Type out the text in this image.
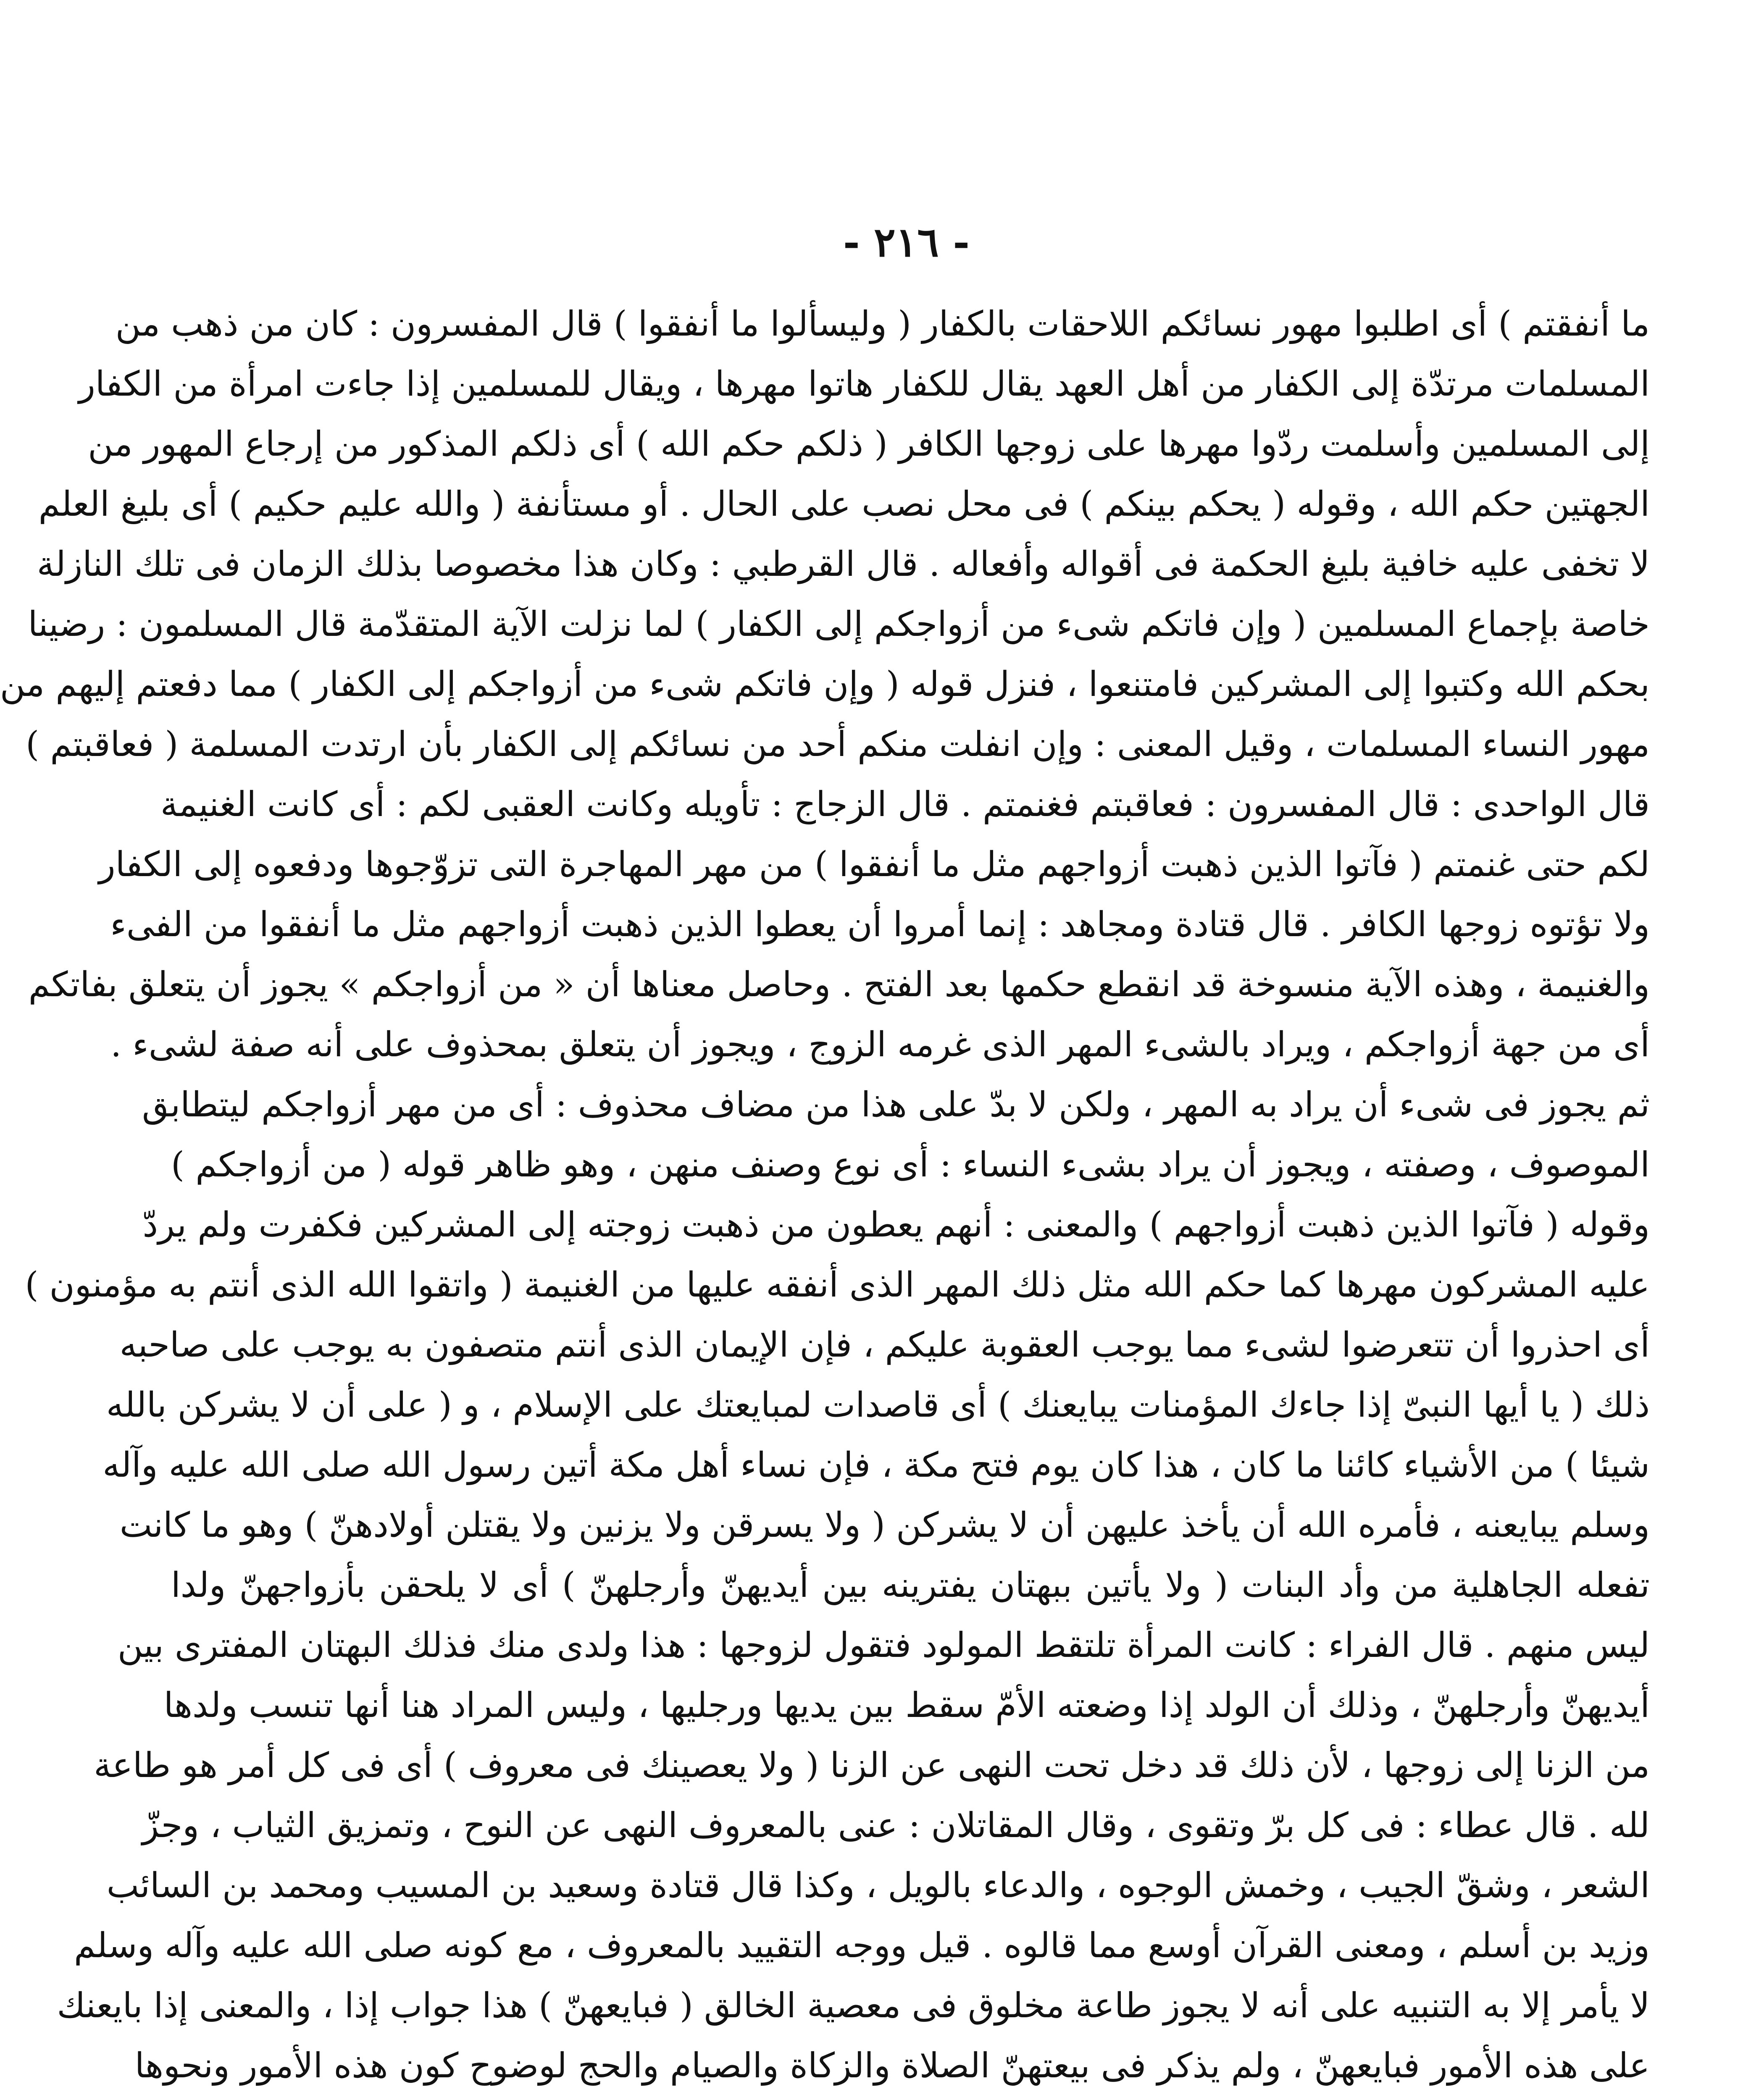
- ٢١٦ -
ما أنفقتم ) أى اطلبوا مهور نسائكم اللاحقات بالكفار ( وليسألوا ما أنفقوا ) قال المفسرون : كان من ذهب من
المسلمات مرتدّة إلى الكفار من أهل العهد يقال للكفار هاتوا مهرها ، ويقال للمسلمين إذا جاءت امرأة من الكفار
إلى المسلمين وأسلمت ردّوا مهرها على زوجها الكافر ( ذلكم حكم الله ) أى ذلكم المذكور من إرجاع المهور من
الجهتين حكم الله ، وقوله ( يحكم بينكم ) فى محل نصب على الحال . أو مستأنفة ( والله عليم حكيم ) أى بليغ العلم
لا تخفى عليه خافية بليغ الحكمة فى أقواله وأفعاله . قال القرطبي : وكان هذا مخصوصا بذلك الزمان فى تلك النازلة
خاصة بإجماع المسلمين ( وإن فاتكم شىء من أزواجكم إلى الكفار ) لما نزلت الآية المتقدّمة قال المسلمون : رضينا
بحكم الله وكتبوا إلى المشركين فامتنعوا ، فنزل قوله ( وإن فاتكم شىء من أزواجكم إلى الكفار ) مما دفعتم إليهم من
مهور النساء المسلمات ، وقيل المعنى : وإن انفلت منكم أحد من نسائكم إلى الكفار بأن ارتدت المسلمة ( فعاقبتم )
قال الواحدى : قال المفسرون : فعاقبتم فغنمتم . قال الزجاج : تأويله وكانت العقبى لكم : أى كانت الغنيمة
لكم حتى غنمتم ( فآتوا الذين ذهبت أزواجهم مثل ما أنفقوا ) من مهر المهاجرة التى تزوّجوها ودفعوه إلى الكفار
ولا تؤتوه زوجها الكافر . قال قتادة ومجاهد : إنما أمروا أن يعطوا الذين ذهبت أزواجهم مثل ما أنفقوا من الفىء
والغنيمة ، وهذه الآية منسوخة قد انقطع حكمها بعد الفتح . وحاصل معناها أن « من أزواجكم » يجوز أن يتعلق بفاتكم
أى من جهة أزواجكم ، ويراد بالشىء المهر الذى غرمه الزوج ، ويجوز أن يتعلق بمحذوف على أنه صفة لشىء .
ثم يجوز فى شىء أن يراد به المهر ، ولكن لا بدّ على هذا من مضاف محذوف : أى من مهر أزواجكم ليتطابق
الموصوف ، وصفته ، ويجوز أن يراد بشىء النساء : أى نوع وصنف منهن ، وهو ظاهر قوله ( من أزواجكم )
وقوله ( فآتوا الذين ذهبت أزواجهم ) والمعنى : أنهم يعطون من ذهبت زوجته إلى المشركين فكفرت ولم يردّ
عليه المشركون مهرها كما حكم الله مثل ذلك المهر الذى أنفقه عليها من الغنيمة ( واتقوا الله الذى أنتم به مؤمنون )
أى احذروا أن تتعرضوا لشىء مما يوجب العقوبة عليكم ، فإن الإيمان الذى أنتم متصفون به يوجب على صاحبه
ذلك ( يا أيها النبىّ إذا جاءك المؤمنات يبايعنك ) أى قاصدات لمبايعتك على الإسلام ، و ( على أن لا يشركن بالله
شيئا ) من الأشياء كائنا ما كان ، هذا كان يوم فتح مكة ، فإن نساء أهل مكة أتين رسول الله صلى الله عليه وآله
وسلم يبايعنه ، فأمره الله أن يأخذ عليهن أن لا يشركن ( ولا يسرقن ولا يزنين ولا يقتلن أولادهنّ ) وهو ما كانت
تفعله الجاهلية من وأد البنات ( ولا يأتين ببهتان يفترينه بين أيديهنّ وأرجلهنّ ) أى لا يلحقن بأزواجهنّ ولدا
ليس منهم . قال الفراء : كانت المرأة تلتقط المولود فتقول لزوجها : هذا ولدى منك فذلك البهتان المفترى بين
أيديهنّ وأرجلهنّ ، وذلك أن الولد إذا وضعته الأمّ سقط بين يديها ورجليها ، وليس المراد هنا أنها تنسب ولدها
من الزنا إلى زوجها ، لأن ذلك قد دخل تحت النهى عن الزنا ( ولا يعصينك فى معروف ) أى فى كل أمر هو طاعة
لله . قال عطاء : فى كل برّ وتقوى ، وقال المقاتلان : عنى بالمعروف النهى عن النوح ، وتمزيق الثياب ، وجزّ
الشعر ، وشقّ الجيب ، وخمش الوجوه ، والدعاء بالويل ، وكذا قال قتادة وسعيد بن المسيب ومحمد بن السائب
وزيد بن أسلم ، ومعنى القرآن أوسع مما قالوه . قيل ووجه التقييد بالمعروف ، مع كونه صلى الله عليه وآله وسلم
لا يأمر إلا به التنبيه على أنه لا يجوز طاعة مخلوق فى معصية الخالق ( فبايعهنّ ) هذا جواب إذا ، والمعنى إذا بايعنك
على هذه الأمور فبايعهنّ ، ولم يذكر فى بيعتهنّ الصلاة والزكاة والصيام والحج لوضوح كون هذه الأمور ونحوها
